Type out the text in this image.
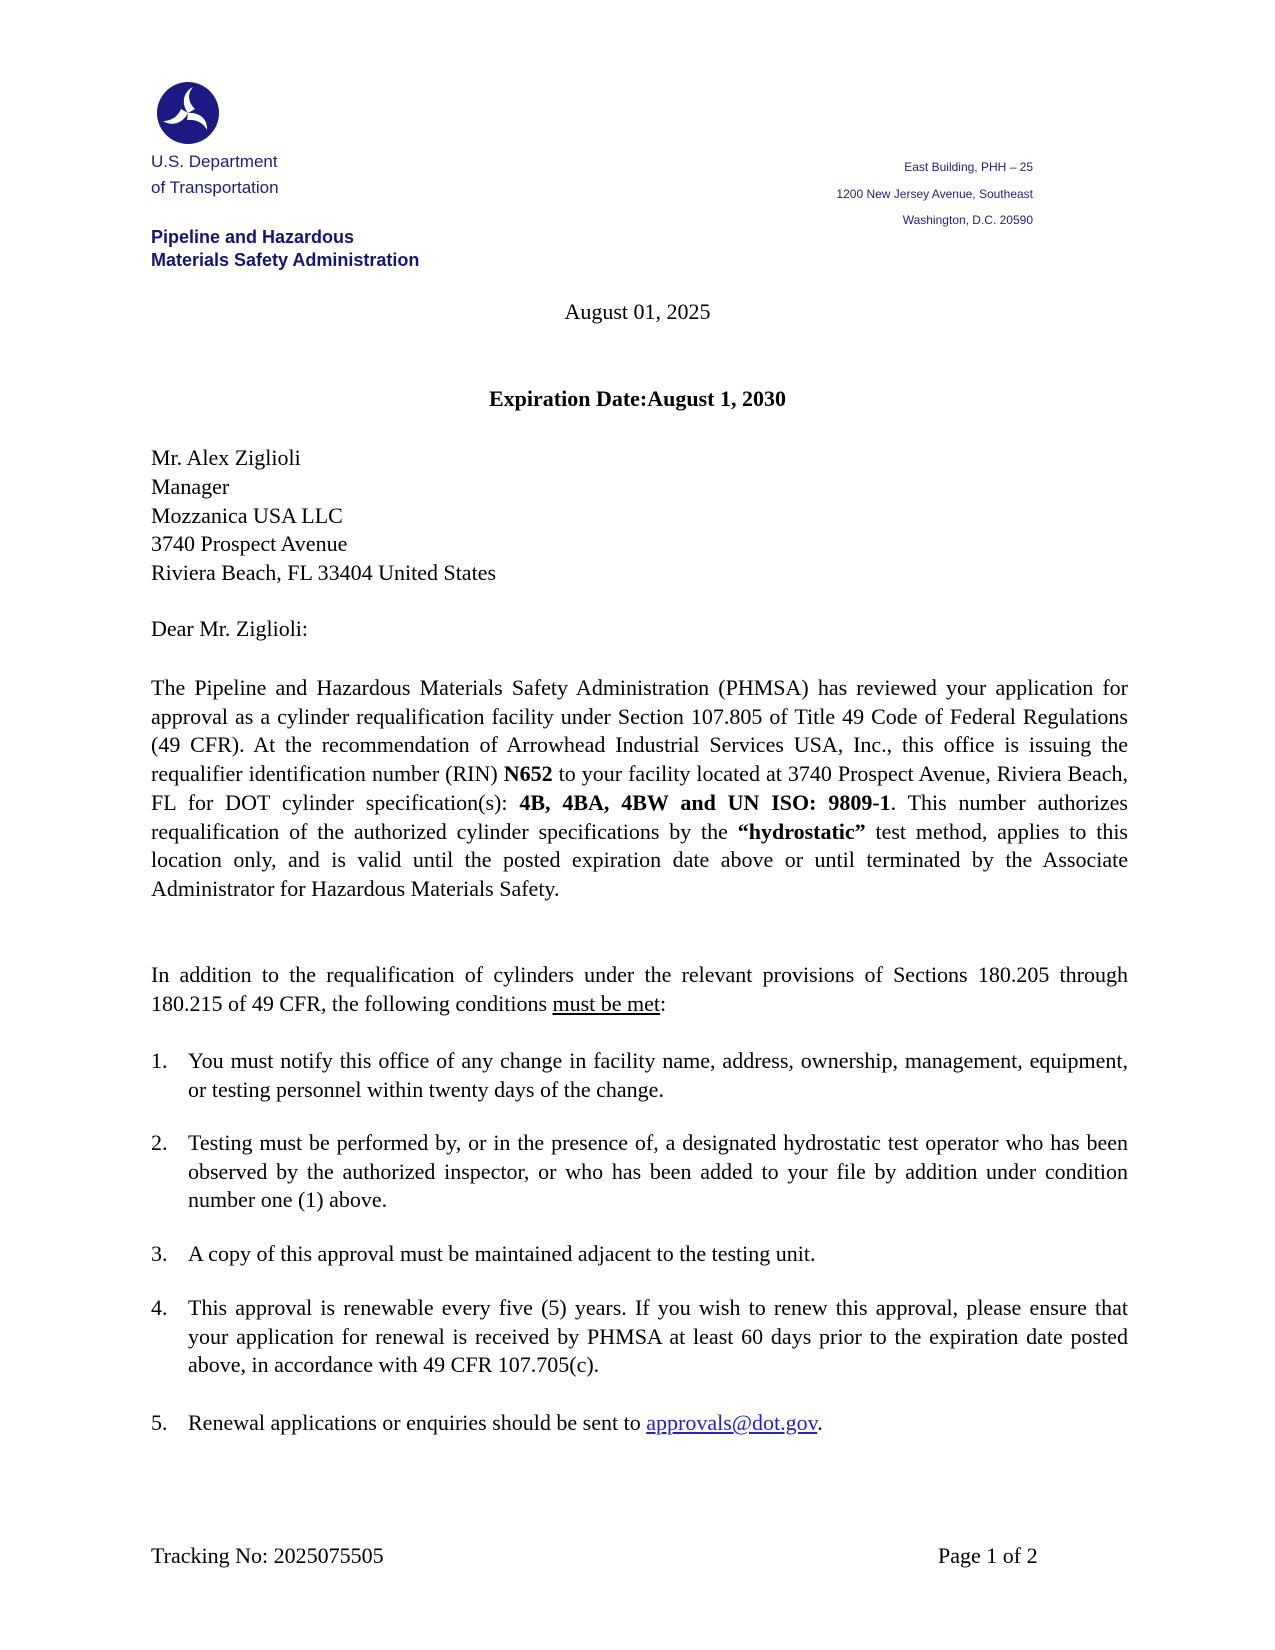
U.S. Department
of Transportation
Pipeline and Hazardous
Materials Safety Administration
East Building, PHH – 25
1200 New Jersey Avenue, Southeast
Washington, D.C. 20590
August 01, 2025
Expiration Date:August 1, 2030
Mr. Alex Ziglioli
Manager
Mozzanica USA LLC
3740 Prospect Avenue
Riviera Beach, FL 33404 United States
Dear Mr. Ziglioli:
The Pipeline and Hazardous Materials Safety Administration (PHMSA) has reviewed your application for approval as a cylinder requalification facility under Section 107.805 of Title 49 Code of Federal Regulations (49 CFR). At the recommendation of Arrowhead Industrial Services USA, Inc., this office is issuing the requalifier identification number (RIN) N652 to your facility located at 3740 Prospect Avenue, Riviera Beach, FL for DOT cylinder specification(s): 4B, 4BA, 4BW and UN ISO: 9809-1. This number authorizes requalification of the authorized cylinder specifications by the “hydrostatic” test method, applies to this location only, and is valid until the posted expiration date above or until terminated by the Associate Administrator for Hazardous Materials Safety.
In addition to the requalification of cylinders under the relevant provisions of Sections 180.205 through 180.215 of 49 CFR, the following conditions must be met:
1. You must notify this office of any change in facility name, address, ownership, management, equipment, or testing personnel within twenty days of the change.
2. Testing must be performed by, or in the presence of, a designated hydrostatic test operator who has been observed by the authorized inspector, or who has been added to your file by addition under condition number one (1) above.
3. A copy of this approval must be maintained adjacent to the testing unit.
4. This approval is renewable every five (5) years. If you wish to renew this approval, please ensure that your application for renewal is received by PHMSA at least 60 days prior to the expiration date posted above, in accordance with 49 CFR 107.705(c).
5. Renewal applications or enquiries should be sent to approvals@dot.gov.
Tracking No: 2025075505	Page 1 of 2
